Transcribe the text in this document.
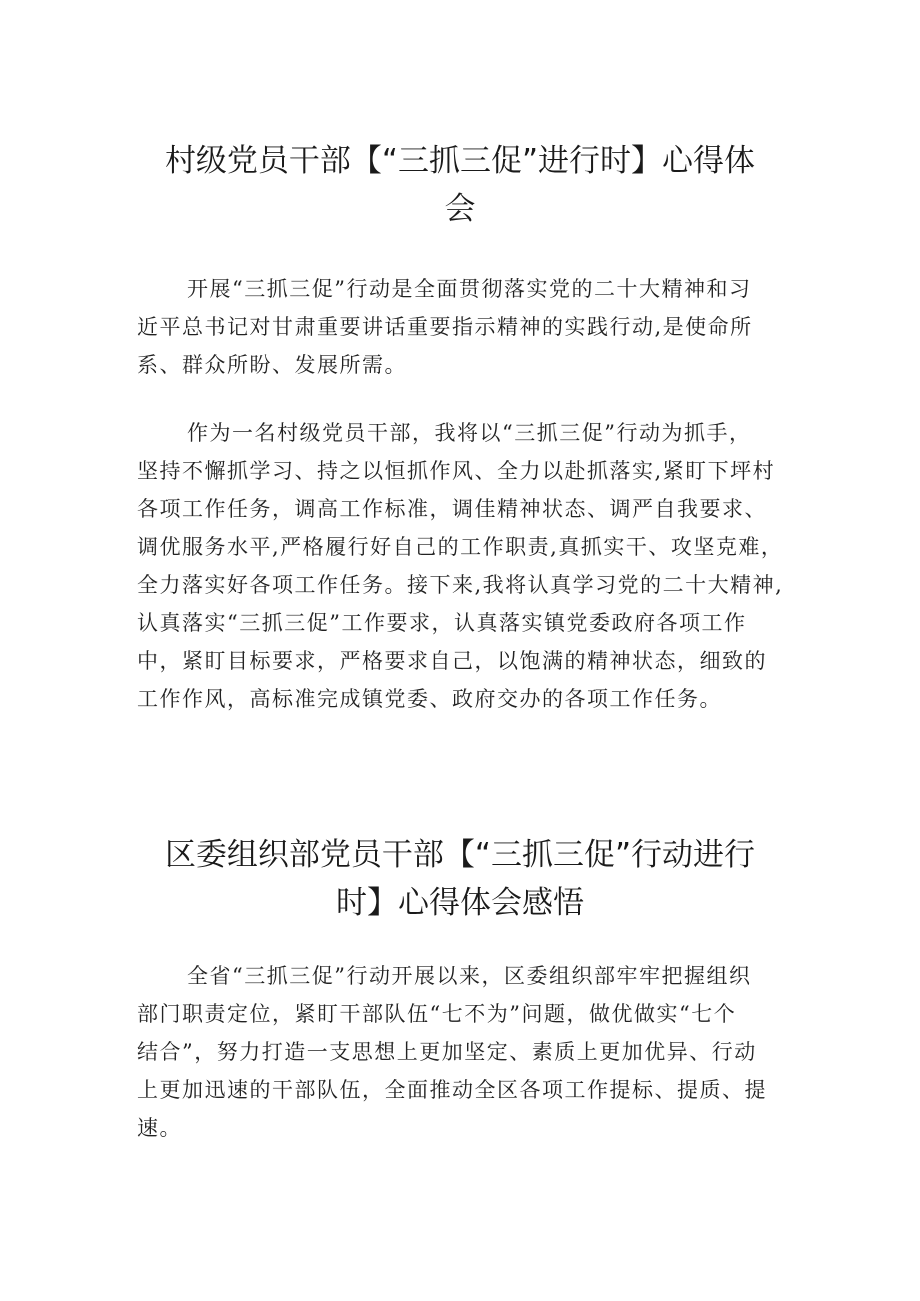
村级党员干部【“三抓三促”进行时】心得体
会

开展“三抓三促”行动是全面贯彻落实党的二十大精神和习
近平总书记对甘肃重要讲话重要指示精神的实践行动,是使命所
系、群众所盼、发展所需。

作为一名村级党员干部，我将以“三抓三促”行动为抓手，
坚持不懈抓学习、持之以恒抓作风、全力以赴抓落实,紧盯下坪村
各项工作任务，调高工作标准，调佳精神状态、调严自我要求、
调优服务水平,严格履行好自己的工作职责,真抓实干、攻坚克难，
全力落实好各项工作任务。接下来,我将认真学习党的二十大精神,
认真落实“三抓三促”工作要求，认真落实镇党委政府各项工作
中，紧盯目标要求，严格要求自己，以饱满的精神状态，细致的
工作作风，高标准完成镇党委、政府交办的各项工作任务。

区委组织部党员干部【“三抓三促”行动进行
时】心得体会感悟

全省“三抓三促”行动开展以来，区委组织部牢牢把握组织
部门职责定位，紧盯干部队伍“七不为”问题，做优做实“七个
结合”，努力打造一支思想上更加坚定、素质上更加优异、行动
上更加迅速的干部队伍，全面推动全区各项工作提标、提质、提
速。
